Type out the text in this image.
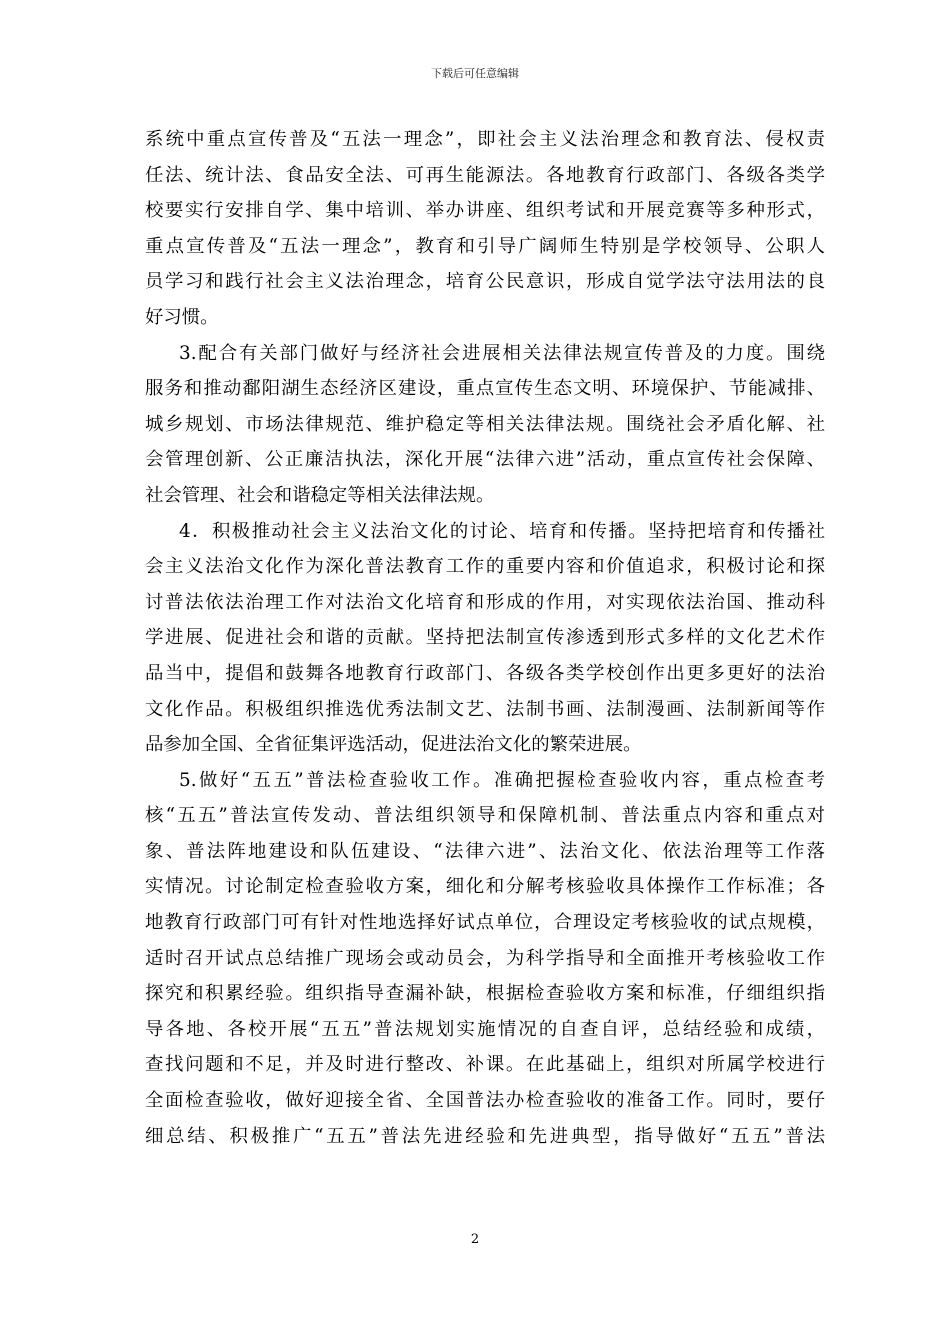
下载后可任意编辑
系统中重点宣传普及“五法一理念”，即社会主义法治理念和教育法、侵权责
任法、统计法、食品安全法、可再生能源法。各地教育行政部门、各级各类学
校要实行安排自学、集中培训、举办讲座、组织考试和开展竞赛等多种形式，
重点宣传普及“五法一理念”，教育和引导广阔师生特别是学校领导、公职人
员学习和践行社会主义法治理念，培育公民意识，形成自觉学法守法用法的良
好习惯。
3.配合有关部门做好与经济社会进展相关法律法规宣传普及的力度。围绕
服务和推动鄱阳湖生态经济区建设，重点宣传生态文明、环境保护、节能减排、
城乡规划、市场法律规范、维护稳定等相关法律法规。围绕社会矛盾化解、社
会管理创新、公正廉洁执法，深化开展“法律六进”活动，重点宣传社会保障、
社会管理、社会和谐稳定等相关法律法规。
4．积极推动社会主义法治文化的讨论、培育和传播。坚持把培育和传播社
会主义法治文化作为深化普法教育工作的重要内容和价值追求，积极讨论和探
讨普法依法治理工作对法治文化培育和形成的作用，对实现依法治国、推动科
学进展、促进社会和谐的贡献。坚持把法制宣传渗透到形式多样的文化艺术作
品当中，提倡和鼓舞各地教育行政部门、各级各类学校创作出更多更好的法治
文化作品。积极组织推选优秀法制文艺、法制书画、法制漫画、法制新闻等作
品参加全国、全省征集评选活动，促进法治文化的繁荣进展。
5.做好“五五”普法检查验收工作。准确把握检查验收内容，重点检查考
核“五五”普法宣传发动、普法组织领导和保障机制、普法重点内容和重点对
象、普法阵地建设和队伍建设、“法律六进”、法治文化、依法治理等工作落
实情况。讨论制定检查验收方案，细化和分解考核验收具体操作工作标准；各
地教育行政部门可有针对性地选择好试点单位，合理设定考核验收的试点规模，
适时召开试点总结推广现场会或动员会，为科学指导和全面推开考核验收工作
探究和积累经验。组织指导查漏补缺，根据检查验收方案和标准，仔细组织指
导各地、各校开展“五五”普法规划实施情况的自查自评，总结经验和成绩，
查找问题和不足，并及时进行整改、补课。在此基础上，组织对所属学校进行
全面检查验收，做好迎接全省、全国普法办检查验收的准备工作。同时，要仔
细总结、积极推广“五五”普法先进经验和先进典型，指导做好“五五”普法
2
